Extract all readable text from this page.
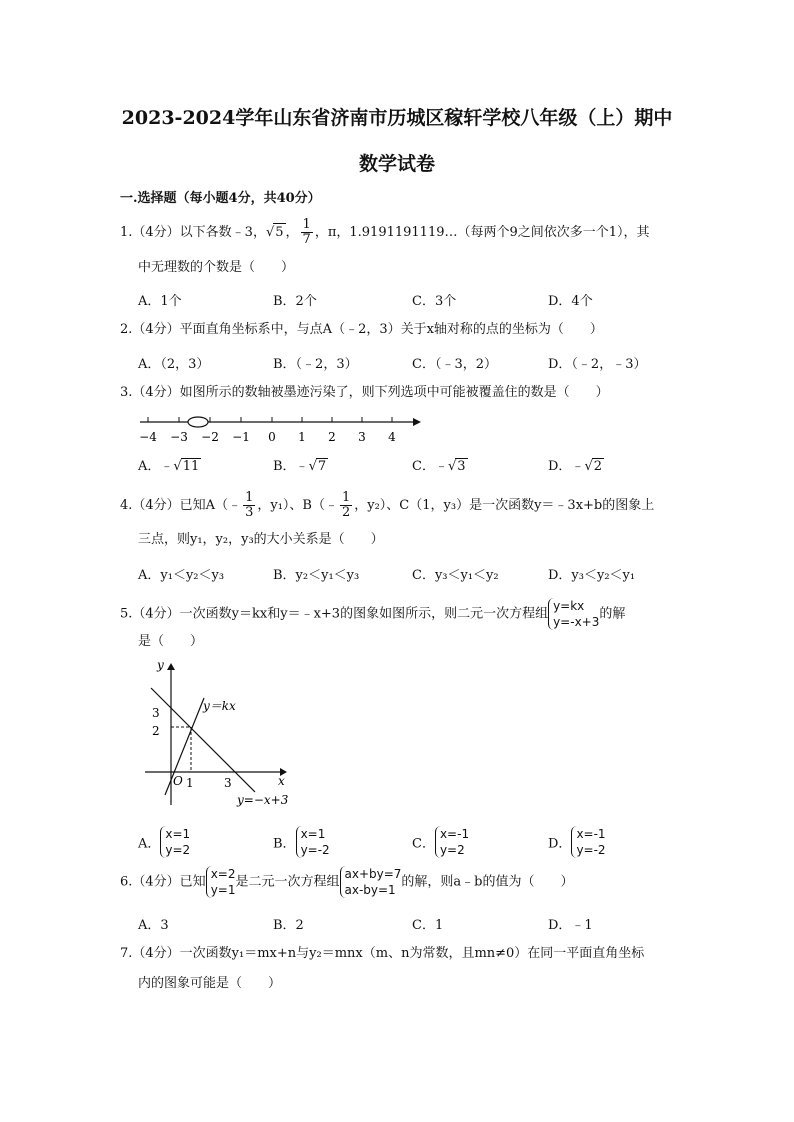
2023-2024学年山东省济南市历城区稼轩学校八年级（上）期中
数学试卷
一.选择题（每小题4分，共40分）
1.（4分）以下各数﹣3，√5 ， $\frac{1}{7}$ ，π，1.9191191119…（每两个9之间依次多一个1），其
中无理数的个数是（　　）
A．1个	B．2个	C．3个	D．4个
2.（4分）平面直角坐标系中，与点A（﹣2，3）关于x轴对称的点的坐标为（　　）
A．（2，3）	B．（﹣2，3）	C．（﹣3，2）	D．（﹣2，﹣3）
3.（4分）如图所示的数轴被墨迹污染了，则下列选项中可能被覆盖住的数是（　　）
−4 −3 −2 −1 0 1 2 3 4
A．﹣√11	B．﹣√7	C．﹣√3	D．﹣√2
4.（4分）已知A（﹣ $\frac{1}{3}$ ，y₁）、B（﹣ $\frac{1}{2}$ ，y₂）、C（1，y₃）是一次函数y＝﹣3x+b的图象上
三点，则y₁，y₂，y₃的大小关系是（　　）
A．y₁＜y₂＜y₃	B．y₂＜y₁＜y₃	C．y₃＜y₁＜y₂	D．y₃＜y₂＜y₁
5.（4分）一次函数y＝kx和y＝﹣x+3的图象如图所示，则二元一次方程组
y=kx
y=-x+3
的解
是（　　）
y
x
O
3
2
1	3
y＝kx
y=−x+3
A．
x=1
y=2	B．
x=1
y=-2	C．
x=-1
y=2	D．
x=-1
y=-2
6.（4分）已知
x=2
y=1
是二元一次方程组
ax+by=7
ax-by=1
的解，则a﹣b的值为（　　）
A．3	B．2	C．1	D．﹣1
7.（4分）一次函数y₁＝mx+n与y₂＝mnx（m、n为常数，且mn≠0）在同一平面直角坐标
内的图象可能是（　　）
